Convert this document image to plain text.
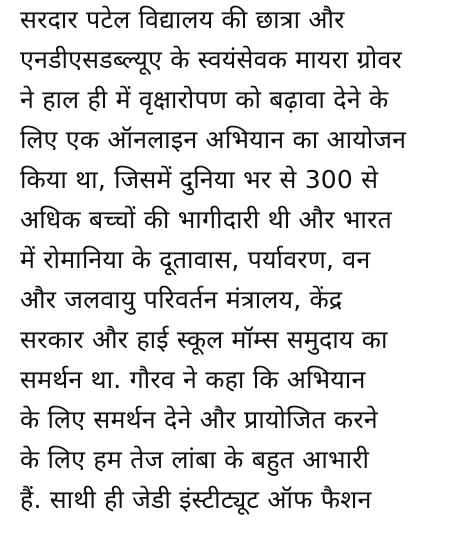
सरदार पटेल विद्यालय की छात्रा और
एनडीएसडब्ल्यूए के स्वयंसेवक मायरा ग्रोवर
ने हाल ही में वृक्षारोपण को बढ़ावा देने के
लिए एक ऑनलाइन अभियान का आयोजन
किया था, जिसमें दुनिया भर से 300 से
अधिक बच्चों की भागीदारी थी और भारत
में रोमानिया के दूतावास, पर्यावरण, वन
और जलवायु परिवर्तन मंत्रालय, केंद्र
सरकार और हाई स्कूल मॉम्स समुदाय का
समर्थन था. गौरव ने कहा कि अभियान
के लिए समर्थन देने और प्रायोजित करने
के लिए हम तेज लांबा के बहुत आभारी
हैं. साथी ही जेडी इंस्टीट्यूट ऑफ फैशन
